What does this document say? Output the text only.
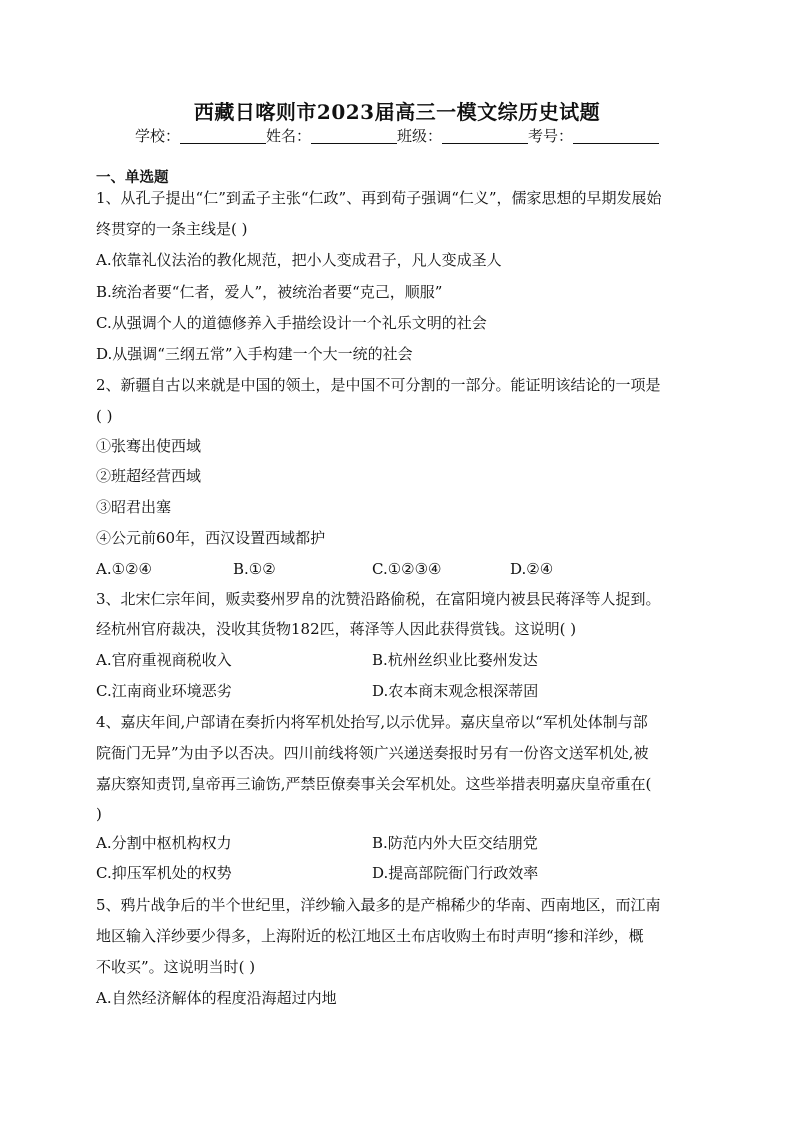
西藏日喀则市2023届高三一模文综历史试题
学校：	姓名：	班级：	考号：
一、单选题
1、从孔子提出“仁”到孟子主张“仁政”、再到荀子强调“仁义”，儒家思想的早期发展始
终贯穿的一条主线是( )
A.依靠礼仪法治的教化规范，把小人变成君子，凡人变成圣人
B.统治者要“仁者，爱人”，被统治者要“克己，顺服”
C.从强调个人的道德修养入手描绘设计一个礼乐文明的社会
D.从强调“三纲五常”入手构建一个大一统的社会
2、新疆自古以来就是中国的领土，是中国不可分割的一部分。能证明该结论的一项是
( )
①张骞出使西域
②班超经营西域
③昭君出塞
④公元前60年，西汉设置西域都护
A.①②④	B.①②	C.①②③④	D.②④
3、北宋仁宗年间，贩卖婺州罗帛的沈赞沿路偷税，在富阳境内被县民蒋泽等人捉到。
经杭州官府裁决，没收其货物182匹，蒋泽等人因此获得赏钱。这说明( )
A.官府重视商税收入	B.杭州丝织业比婺州发达
C.江南商业环境恶劣	D.农本商末观念根深蒂固
4、嘉庆年间,户部请在奏折内将军机处抬写,以示优异。嘉庆皇帝以“军机处体制与部
院衙门无异”为由予以否决。四川前线将领广兴递送奏报时另有一份咨文送军机处,被
嘉庆察知责罚,皇帝再三谕饬,严禁臣僚奏事关会军机处。这些举措表明嘉庆皇帝重在(
)
A.分割中枢机构权力	B.防范内外大臣交结朋党
C.抑压军机处的权势	D.提高部院衙门行政效率
5、鸦片战争后的半个世纪里，洋纱输入最多的是产棉稀少的华南、西南地区，而江南
地区输入洋纱要少得多，上海附近的松江地区土布店收购土布时声明“掺和洋纱，概
不收买”。这说明当时( )
A.自然经济解体的程度沿海超过内地
